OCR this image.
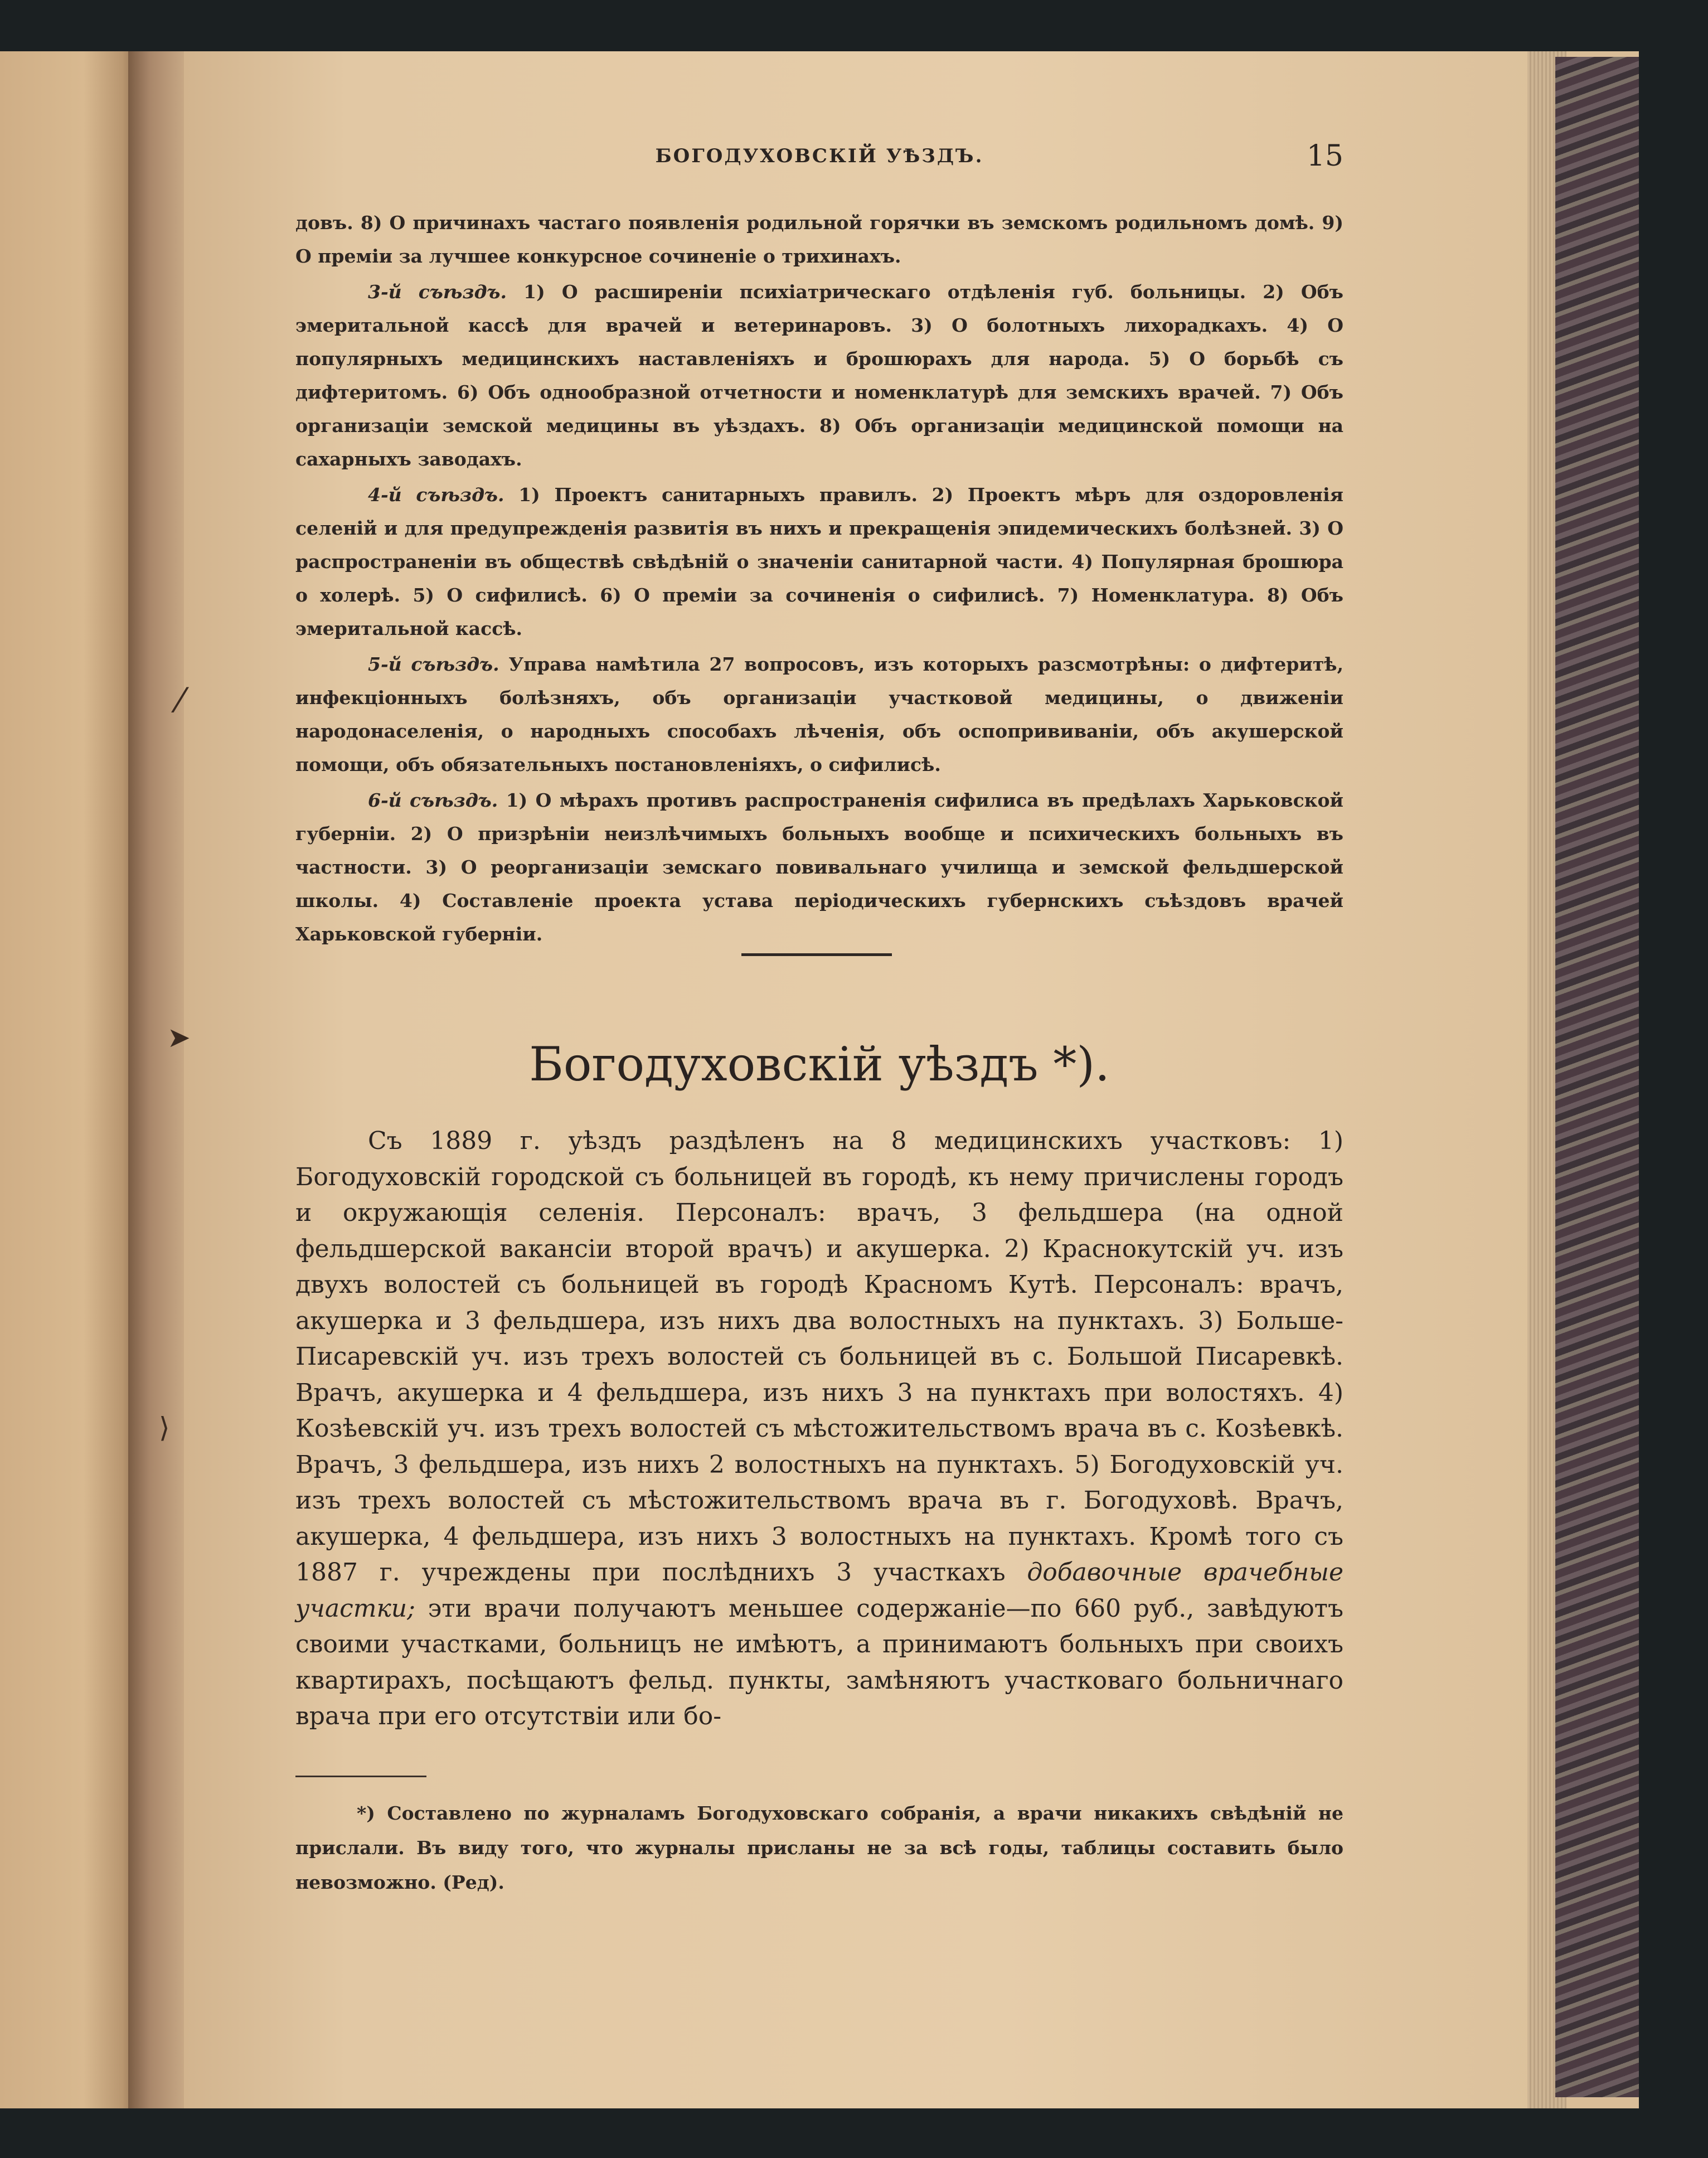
⁄
➤
⟩
БОГОДУХОВСКІЙ УѢЗДЪ.	15

довъ. 8) О причинахъ частаго появленія родильной горячки въ земскомъ родильномъ домѣ. 9) О преміи за лучшее конкурсное сочиненіе о трихинахъ.

3-й съѣздъ. 1) О расширеніи психіатрическаго отдѣленія губ. больницы. 2) Объ эмеритальной кассѣ для врачей и ветеринаровъ. 3) О болотныхъ лихорадкахъ. 4) О популярныхъ медицинскихъ наставленіяхъ и брошюрахъ для народа. 5) О борьбѣ съ дифтеритомъ. 6) Объ однообразной отчетности и номенклатурѣ для земскихъ врачей. 7) Объ организаціи земской медицины въ уѣздахъ. 8) Объ организаціи медицинской помощи на сахарныхъ заводахъ.

4-й съѣздъ. 1) Проектъ санитарныхъ правилъ. 2) Проектъ мѣръ для оздоровленія селеній и для предупрежденія развитія въ нихъ и прекращенія эпидемическихъ болѣзней. 3) О распространеніи въ обществѣ свѣдѣній о значеніи санитарной части. 4) Популярная брошюра о холерѣ. 5) О сифилисѣ. 6) О преміи за сочиненія о сифилисѣ. 7) Номенклатура. 8) Объ эмеритальной кассѣ.

5-й съѣздъ. Управа намѣтила 27 вопросовъ, изъ которыхъ разсмотрѣны: о дифтеритѣ, инфекціонныхъ болѣзняхъ, объ организаціи участковой медицины, о движеніи народонаселенія, о народныхъ способахъ лѣченія, объ оспопрививаніи, объ акушерской помощи, объ обязательныхъ постановленіяхъ, о сифилисѣ.

6-й съѣздъ. 1) О мѣрахъ противъ распространенія сифилиса въ предѣлахъ Харьковской губерніи. 2) О призрѣніи неизлѣчимыхъ больныхъ вообще и психическихъ больныхъ въ частности. 3) О реорганизаціи земскаго повивальнаго училища и земской фельдшерской школы. 4) Составленіе проекта устава періодическихъ губернскихъ съѣздовъ врачей Харьковской губерніи.

Богодуховскій уѣздъ *).

Съ 1889 г. уѣздъ раздѣленъ на 8 медицинскихъ участковъ: 1) Богодуховскій городской съ больницей въ городѣ, къ нему причислены городъ и окружающія селенія. Персоналъ: врачъ, 3 фельдшера (на одной фельдшерской вакансіи второй врачъ) и акушерка. 2) Краснокутскій уч. изъ двухъ волостей съ больницей въ городѣ Красномъ Кутѣ. Персоналъ: врачъ, акушерка и 3 фельдшера, изъ нихъ два волостныхъ на пунктахъ. 3) Больше-Писаревскій уч. изъ трехъ волостей съ больницей въ с. Большой Писаревкѣ. Врачъ, акушерка и 4 фельдшера, изъ нихъ 3 на пунктахъ при волостяхъ. 4) Козѣевскій уч. изъ трехъ волостей съ мѣстожительствомъ врача въ с. Козѣевкѣ. Врачъ, 3 фельдшера, изъ нихъ 2 волостныхъ на пунктахъ. 5) Богодуховскій уч. изъ трехъ волостей съ мѣстожительствомъ врача въ г. Богодуховѣ. Врачъ, акушерка, 4 фельдшера, изъ нихъ 3 волостныхъ на пунктахъ. Кромѣ того съ 1887 г. учреждены при послѣднихъ 3 участкахъ добавочные врачебные участки; эти врачи получаютъ меньшее содержаніе—по 660 руб., завѣдуютъ своими участками, больницъ не имѣютъ, а принимаютъ больныхъ при своихъ квартирахъ, посѣщаютъ фельд. пункты, замѣняютъ участковаго больничнаго врача при его отсутствіи или бо-

*) Составлено по журналамъ Богодуховскаго собранія, а врачи никакихъ свѣдѣній не прислали. Въ виду того, что журналы присланы не за всѣ годы, таблицы составить было невозможно. (Ред).
